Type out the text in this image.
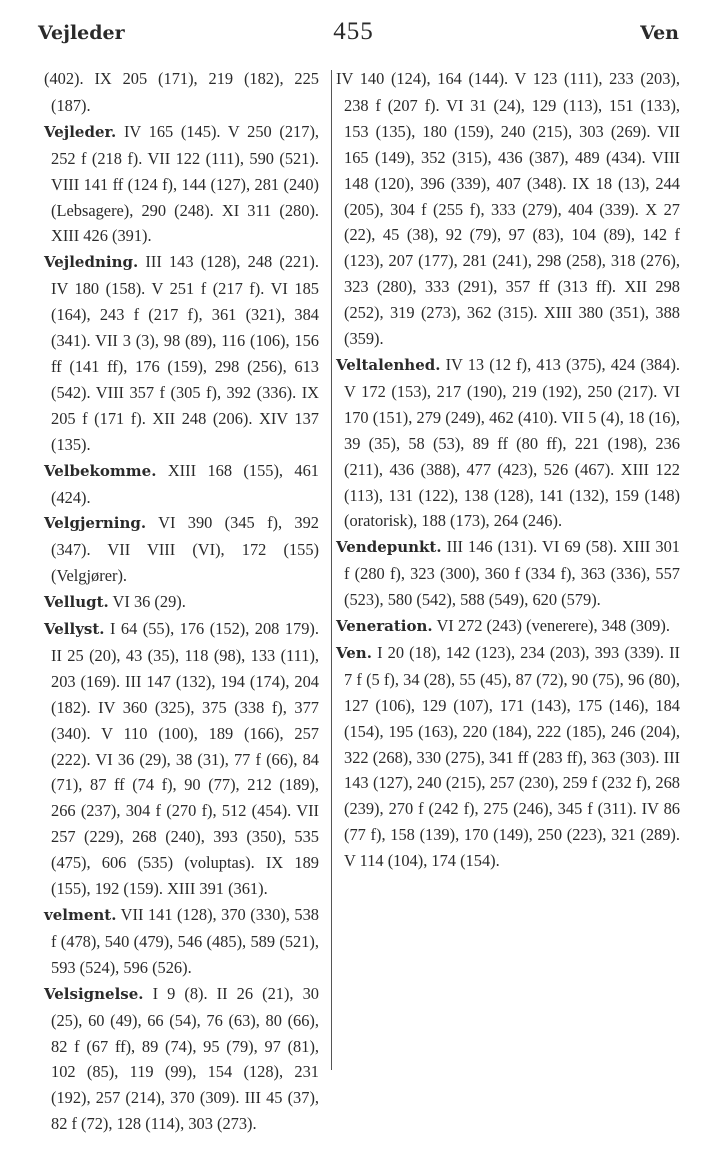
Vejleder	455	Ven

(402). IX 205 (171), 219 (182), 225 (187).

Vejleder. IV 165 (145). V 250 (217), 252 f (218 f). VII 122 (111), 590 (521). VIII 141 ff (124 f), 144 (127), 281 (240) (Lebsagere), 290 (248). XI 311 (280). XIII 426 (391).

Vejledning. III 143 (128), 248 (221). IV 180 (158). V 251 f (217 f). VI 185 (164), 243 f (217 f), 361 (321), 384 (341). VII 3 (3), 98 (89), 116 (106), 156 ff (141 ff), 176 (159), 298 (256), 613 (542). VIII 357 f (305 f), 392 (336). IX 205 f (171 f). XII 248 (206). XIV 137 (135).

Velbekomme. XIII 168 (155), 461 (424).

Velgjerning. VI 390 (345 f), 392 (347). VII VIII (VI), 172 (155) (Velgjører).

Vellugt. VI 36 (29).

Vellyst. I 64 (55), 176 (152), 208 179). II 25 (20), 43 (35), 118 (98), 133 (111), 203 (169). III 147 (132), 194 (174), 204 (182). IV 360 (325), 375 (338 f), 377 (340). V 110 (100), 189 (166), 257 (222). VI 36 (29), 38 (31), 77 f (66), 84 (71), 87 ff (74 f), 90 (77), 212 (189), 266 (237), 304 f (270 f), 512 (454). VII 257 (229), 268 (240), 393 (350), 535 (475), 606 (535) (voluptas). IX 189 (155), 192 (159). XIII 391 (361).

velment. VII 141 (128), 370 (330), 538 f (478), 540 (479), 546 (485), 589 (521), 593 (524), 596 (526).

Velsignelse. I 9 (8). II 26 (21), 30 (25), 60 (49), 66 (54), 76 (63), 80 (66), 82 f (67 ff), 89 (74), 95 (79), 97 (81), 102 (85), 119 (99), 154 (128), 231 (192), 257 (214), 370 (309). III 45 (37), 82 f (72), 128 (114), 303 (273).

IV 140 (124), 164 (144). V 123 (111), 233 (203), 238 f (207 f). VI 31 (24), 129 (113), 151 (133), 153 (135), 180 (159), 240 (215), 303 (269). VII 165 (149), 352 (315), 436 (387), 489 (434). VIII 148 (120), 396 (339), 407 (348). IX 18 (13), 244 (205), 304 f (255 f), 333 (279), 404 (339). X 27 (22), 45 (38), 92 (79), 97 (83), 104 (89), 142 f (123), 207 (177), 281 (241), 298 (258), 318 (276), 323 (280), 333 (291), 357 ff (313 ff). XII 298 (252), 319 (273), 362 (315). XIII 380 (351), 388 (359).

Veltalenhed. IV 13 (12 f), 413 (375), 424 (384). V 172 (153), 217 (190), 219 (192), 250 (217). VI 170 (151), 279 (249), 462 (410). VII 5 (4), 18 (16), 39 (35), 58 (53), 89 ff (80 ff), 221 (198), 236 (211), 436 (388), 477 (423), 526 (467). XIII 122 (113), 131 (122), 138 (128), 141 (132), 159 (148) (oratorisk), 188 (173), 264 (246).

Vendepunkt. III 146 (131). VI 69 (58). XIII 301 f (280 f), 323 (300), 360 f (334 f), 363 (336), 557 (523), 580 (542), 588 (549), 620 (579).

Veneration. VI 272 (243) (venerere), 348 (309).

Ven. I 20 (18), 142 (123), 234 (203), 393 (339). II 7 f (5 f), 34 (28), 55 (45), 87 (72), 90 (75), 96 (80), 127 (106), 129 (107), 171 (143), 175 (146), 184 (154), 195 (163), 220 (184), 222 (185), 246 (204), 322 (268), 330 (275), 341 ff (283 ff), 363 (303). III 143 (127), 240 (215), 257 (230), 259 f (232 f), 268 (239), 270 f (242 f), 275 (246), 345 f (311). IV 86 (77 f), 158 (139), 170 (149), 250 (223), 321 (289). V 114 (104), 174 (154).
